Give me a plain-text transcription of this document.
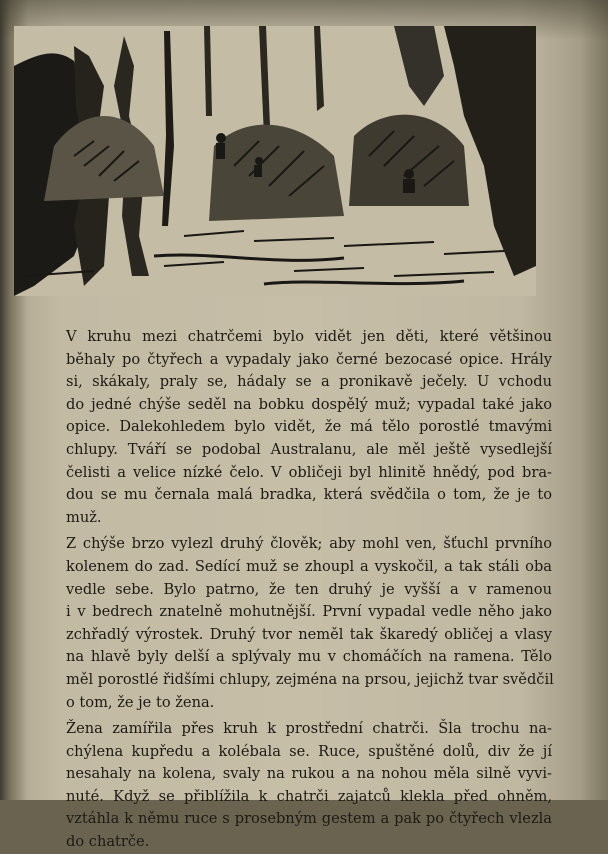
V kruhu mezi chatrčemi bylo vidět jen děti, které většinou
běhaly po čtyřech a vypadaly jako černé bezocasé opice. Hrály
si, skákaly, praly se, hádaly se a pronikavě ječely. U vchodu
do jedné chýše seděl na bobku dospělý muž; vypadal také jako
opice. Dalekohledem bylo vidět, že má tělo porostlé tmavými
chlupy. Tváří se podobal Australanu, ale měl ještě vysedlejší
čelisti a velice nízké čelo. V obličeji byl hlinitě hnědý, pod bra-
dou se mu černala malá bradka, která svědčila o tom, že je to
muž.
Z chýše brzo vylezl druhý člověk; aby mohl ven, šťuchl prvního
kolenem do zad. Sedící muž se zhoupl a vyskočil, a tak stáli oba
vedle sebe. Bylo patrno, že ten druhý je vyšší a v ramenou
i v bedrech znatelně mohutnější. První vypadal vedle něho jako
zchřadlý výrostek. Druhý tvor neměl tak škaredý obličej a vlasy
na hlavě byly delší a splývaly mu v chomáčích na ramena. Tělo
měl porostlé řidšími chlupy, zejména na prsou, jejichž tvar svědčil
o tom, že je to žena.
Žena zamířila přes kruh k prostřední chatrči. Šla trochu na-
chýlena kupředu a kolébala se. Ruce, spuštěné dolů, div že jí
nesahaly na kolena, svaly na rukou a na nohou měla silně vyvi-
nuté. Když se přiblížila k chatrči zajatců klekla před ohněm,
vztáhla k němu ruce s prosebným gestem a pak po čtyřech vlezla
do chatrče.
